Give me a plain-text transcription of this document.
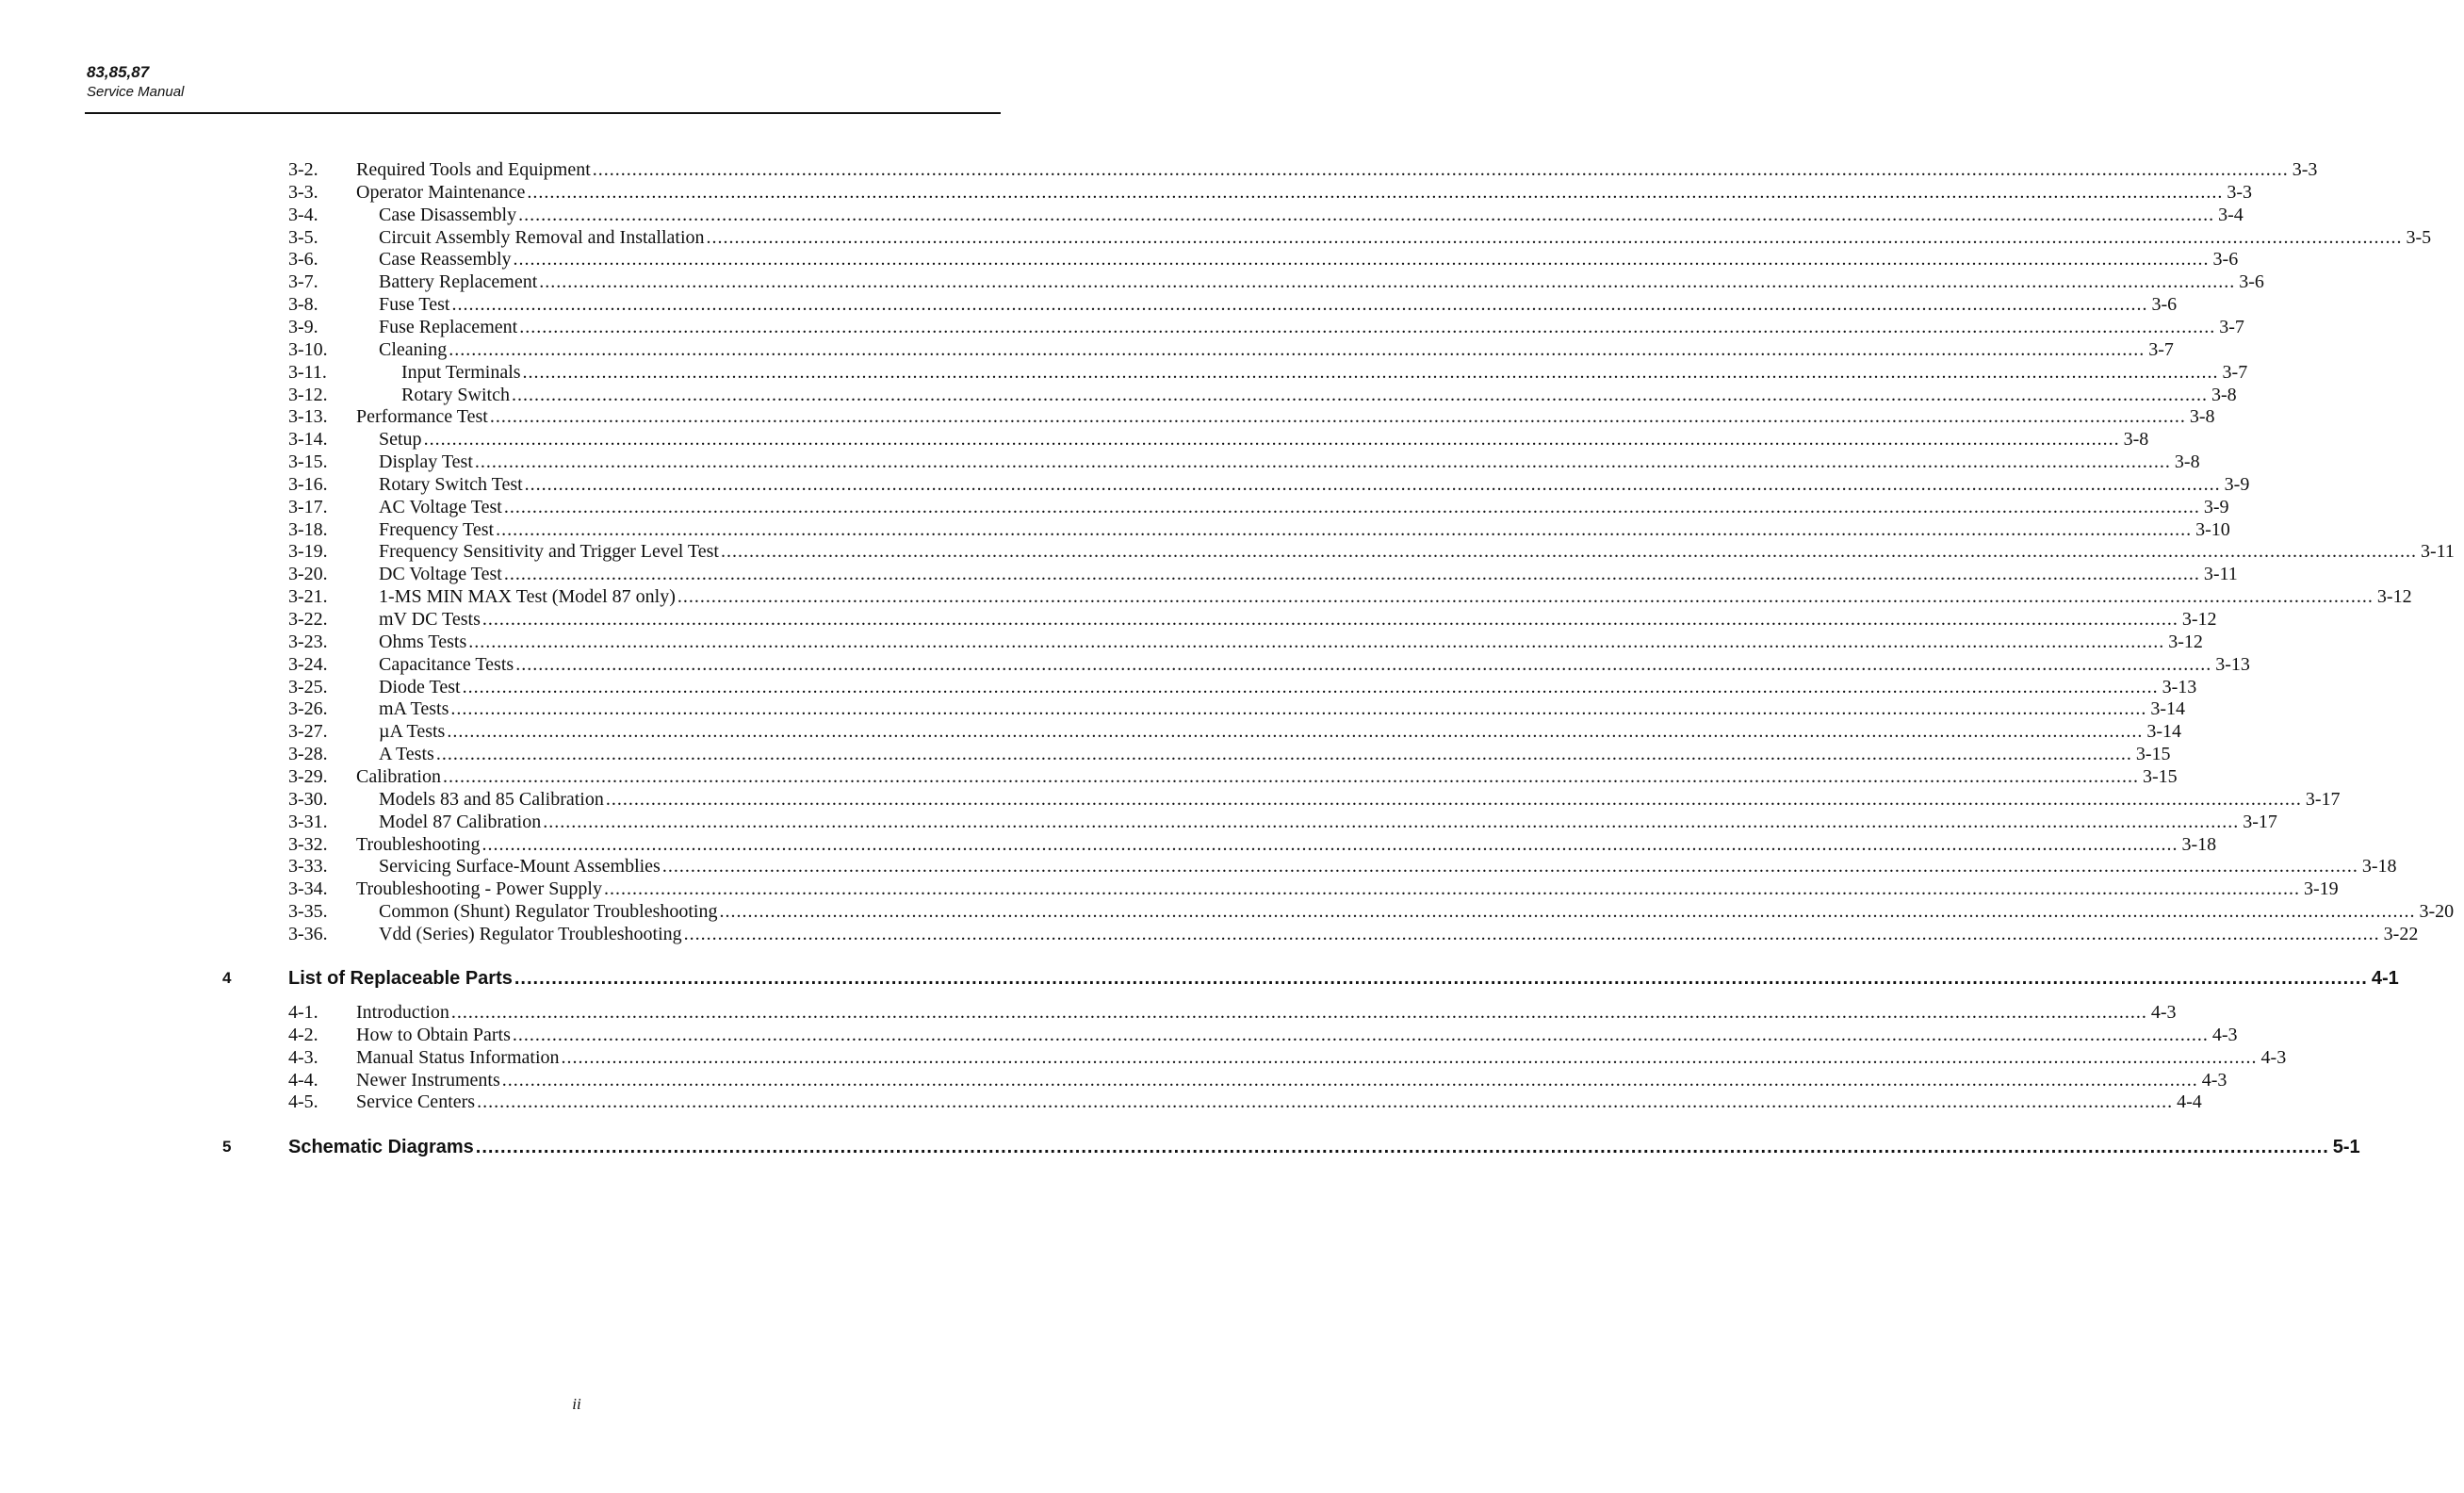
83,85,87
Service Manual
3-2.	Required Tools and Equipment ............................................................................................................................................................................................................................................................................................................ 3-3
3-3.	Operator Maintenance ............................................................................................................................................................................................................................................................................................................ 3-3
3-4.	Case Disassembly ............................................................................................................................................................................................................................................................................................................ 3-4
3-5.	Circuit Assembly Removal and Installation ............................................................................................................................................................................................................................................................................................................ 3-5
3-6.	Case Reassembly ............................................................................................................................................................................................................................................................................................................ 3-6
3-7.	Battery Replacement ............................................................................................................................................................................................................................................................................................................ 3-6
3-8.	Fuse Test ............................................................................................................................................................................................................................................................................................................ 3-6
3-9.	Fuse Replacement ............................................................................................................................................................................................................................................................................................................ 3-7
3-10.	Cleaning ............................................................................................................................................................................................................................................................................................................ 3-7
3-11.	Input Terminals ............................................................................................................................................................................................................................................................................................................ 3-7
3-12.	Rotary Switch ............................................................................................................................................................................................................................................................................................................ 3-8
3-13.	Performance Test ............................................................................................................................................................................................................................................................................................................ 3-8
3-14.	Setup ............................................................................................................................................................................................................................................................................................................ 3-8
3-15.	Display Test ............................................................................................................................................................................................................................................................................................................ 3-8
3-16.	Rotary Switch Test ............................................................................................................................................................................................................................................................................................................ 3-9
3-17.	AC Voltage Test ............................................................................................................................................................................................................................................................................................................ 3-9
3-18.	Frequency Test ............................................................................................................................................................................................................................................................................................................ 3-10
3-19.	Frequency Sensitivity and Trigger Level Test ............................................................................................................................................................................................................................................................................................................ 3-11
3-20.	DC Voltage Test ............................................................................................................................................................................................................................................................................................................ 3-11
3-21.	1-MS MIN MAX Test (Model 87 only) ............................................................................................................................................................................................................................................................................................................ 3-12
3-22.	mV DC Tests ............................................................................................................................................................................................................................................................................................................ 3-12
3-23.	Ohms Tests ............................................................................................................................................................................................................................................................................................................ 3-12
3-24.	Capacitance Tests ............................................................................................................................................................................................................................................................................................................ 3-13
3-25.	Diode Test ............................................................................................................................................................................................................................................................................................................ 3-13
3-26.	mA Tests ............................................................................................................................................................................................................................................................................................................ 3-14
3-27.	µA Tests ............................................................................................................................................................................................................................................................................................................ 3-14
3-28.	A Tests ............................................................................................................................................................................................................................................................................................................ 3-15
3-29.	Calibration ............................................................................................................................................................................................................................................................................................................ 3-15
3-30.	Models 83 and 85 Calibration ............................................................................................................................................................................................................................................................................................................ 3-17
3-31.	Model 87 Calibration ............................................................................................................................................................................................................................................................................................................ 3-17
3-32.	Troubleshooting ............................................................................................................................................................................................................................................................................................................ 3-18
3-33.	Servicing Surface-Mount Assemblies ............................................................................................................................................................................................................................................................................................................ 3-18
3-34.	Troubleshooting - Power Supply ............................................................................................................................................................................................................................................................................................................ 3-19
3-35.	Common (Shunt) Regulator Troubleshooting ............................................................................................................................................................................................................................................................................................................ 3-20
3-36.	Vdd (Series) Regulator Troubleshooting ............................................................................................................................................................................................................................................................................................................ 3-22
4	List of Replaceable Parts ............................................................................................................................................................................................................................................................................................................ 4-1
4-1.	Introduction ............................................................................................................................................................................................................................................................................................................ 4-3
4-2.	How to Obtain Parts ............................................................................................................................................................................................................................................................................................................ 4-3
4-3.	Manual Status Information ............................................................................................................................................................................................................................................................................................................ 4-3
4-4.	Newer Instruments ............................................................................................................................................................................................................................................................................................................ 4-3
4-5.	Service Centers ............................................................................................................................................................................................................................................................................................................ 4-4
5	Schematic Diagrams ............................................................................................................................................................................................................................................................................................................ 5-1
ii
